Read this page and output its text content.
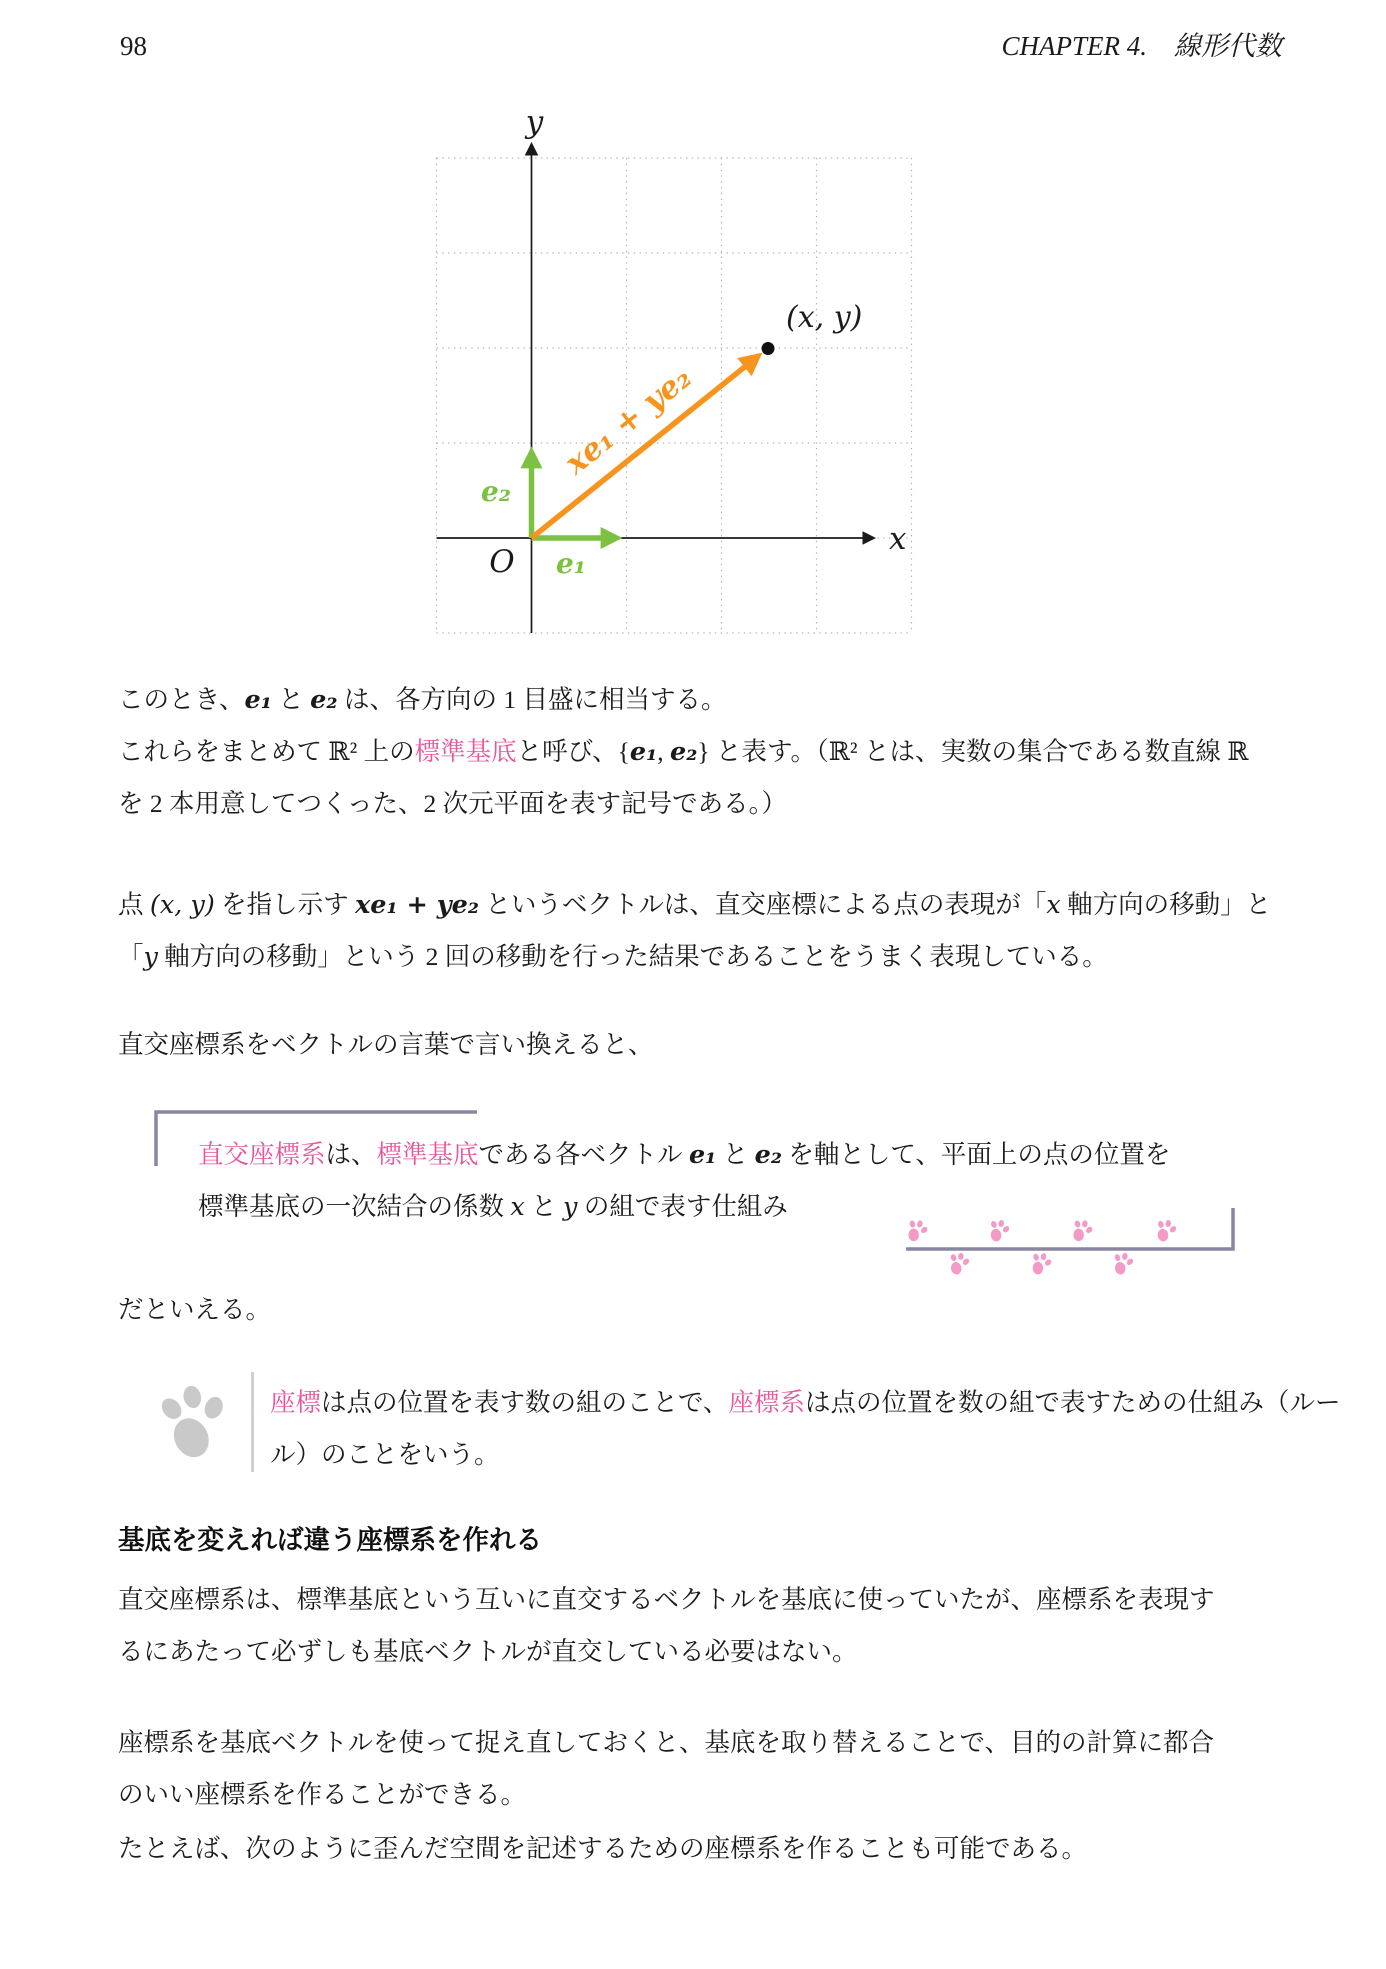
98	CHAPTER 4.　線形代数
y
x
O e₁
e₂
xe₁ + ye₂
(x, y)
このとき、e₁ と e₂ は、各方向の 1 目盛に相当する。
これらをまとめて ℝ² 上の標準基底と呼び、{e₁, e₂} と表す。（ℝ² とは、実数の集合である数直線 ℝ
を 2 本用意してつくった、2 次元平面を表す記号である。）
点 (x, y) を指し示す xe₁ + ye₂ というベクトルは、直交座標による点の表現が「x 軸方向の移動」と
「y 軸方向の移動」という 2 回の移動を行った結果であることをうまく表現している。
直交座標系をベクトルの言葉で言い換えると、
直交座標系は、標準基底である各ベクトル e₁ と e₂ を軸として、平面上の点の位置を
標準基底の一次結合の係数 x と y の組で表す仕組み
だといえる。
座標は点の位置を表す数の組のことで、座標系は点の位置を数の組で表すための仕組み（ルー
ル）のことをいう。
基底を変えれば違う座標系を作れる
直交座標系は、標準基底という互いに直交するベクトルを基底に使っていたが、座標系を表現す
るにあたって必ずしも基底ベクトルが直交している必要はない。
座標系を基底ベクトルを使って捉え直しておくと、基底を取り替えることで、目的の計算に都合
のいい座標系を作ることができる。
たとえば、次のように歪んだ空間を記述するための座標系を作ることも可能である。
